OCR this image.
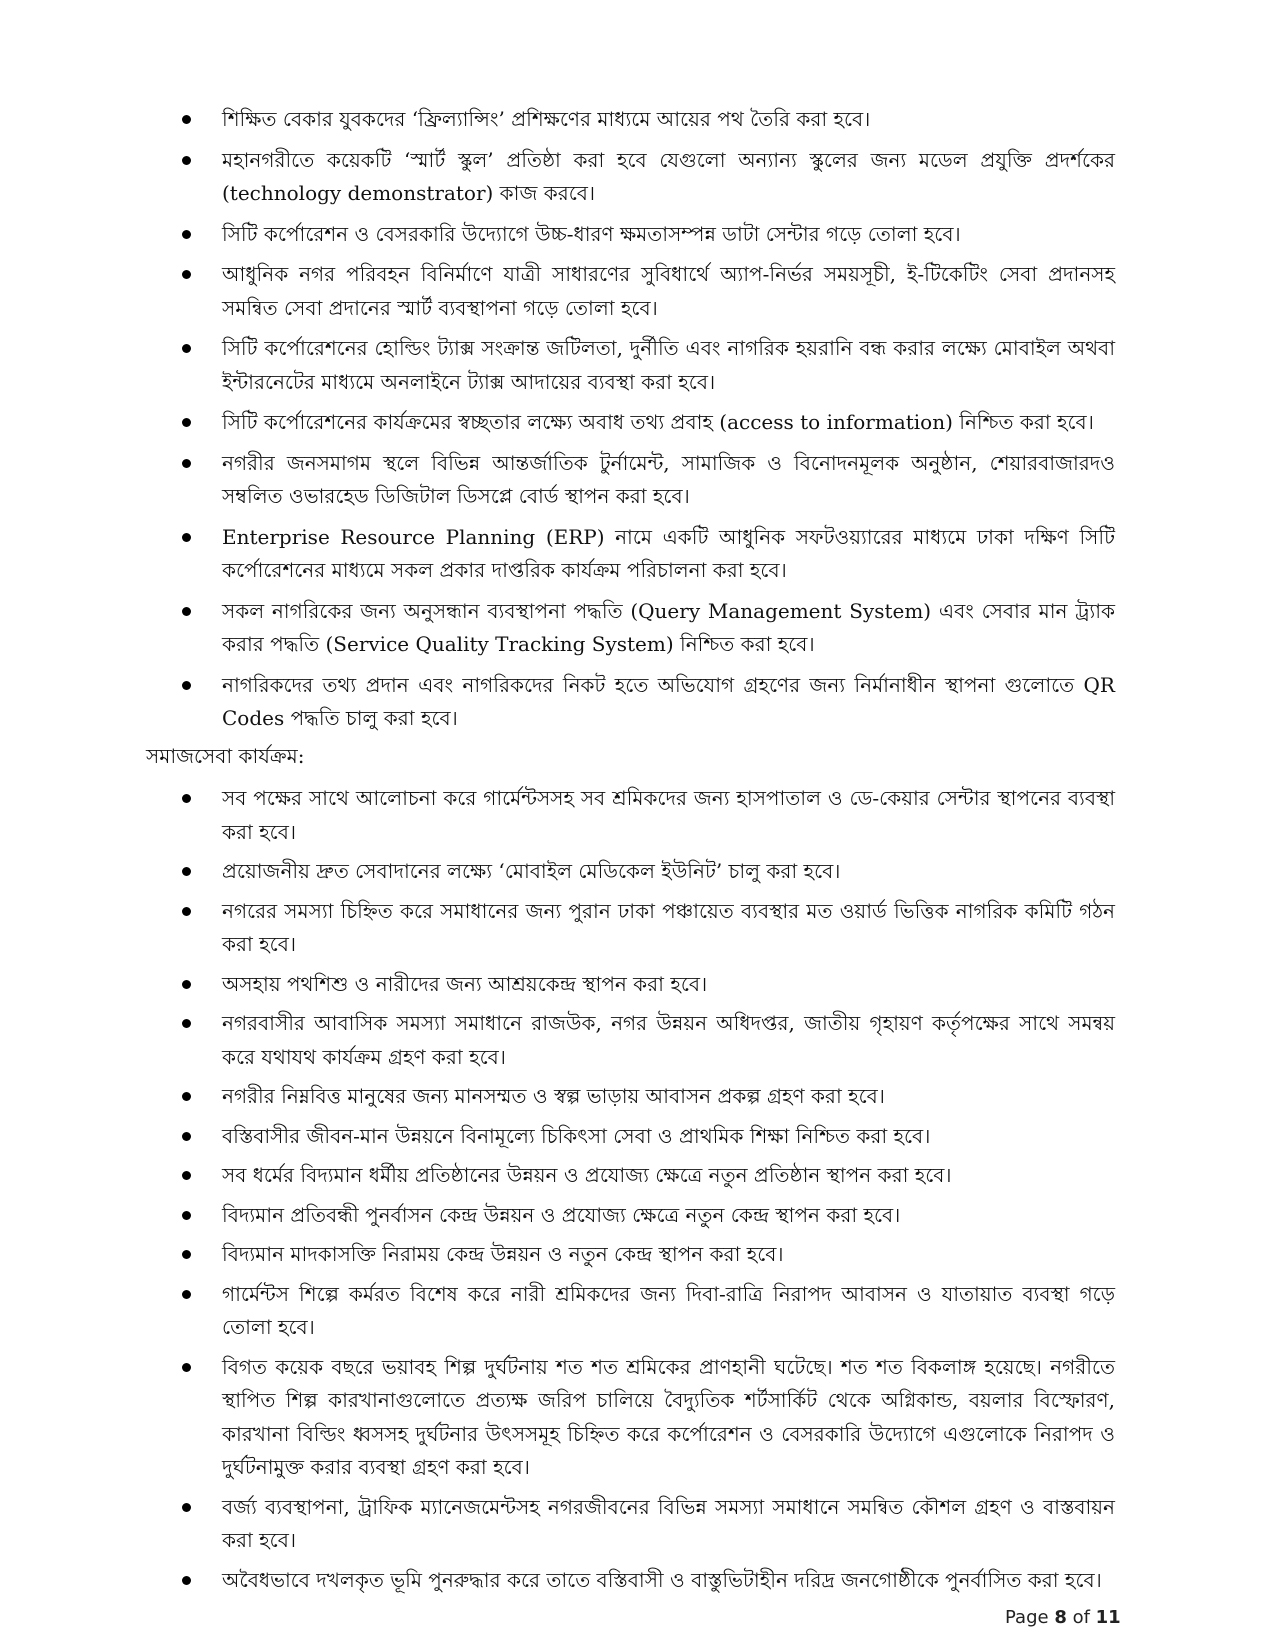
শিক্ষিত বেকার যুবকদের ‘ফ্রিল্যান্সিং’ প্রশিক্ষণের মাধ্যমে আয়ের পথ তৈরি করা হবে।
মহানগরীতে কয়েকটি ‘স্মার্ট স্কুল’ প্রতিষ্ঠা করা হবে যেগুলো অন্যান্য স্কুলের জন্য মডেল প্রযুক্তি প্রদর্শকের (technology demonstrator) কাজ করবে।
সিটি কর্পোরেশন ও বেসরকারি উদ্যোগে উচ্চ-ধারণ ক্ষমতাসম্পন্ন ডাটা সেন্টার গড়ে তোলা হবে।
আধুনিক নগর পরিবহন বিনির্মাণে যাত্রী সাধারণের সুবিধার্থে অ্যাপ-নির্ভর সময়সূচী, ই-টিকেটিং সেবা প্রদানসহ সমন্বিত সেবা প্রদানের স্মার্ট ব্যবস্থাপনা গড়ে তোলা হবে।
সিটি কর্পোরেশনের হোল্ডিং ট্যাক্স সংক্রান্ত জটিলতা, দুর্নীতি এবং নাগরিক হয়রানি বন্ধ করার লক্ষ্যে মোবাইল অথবা ইন্টারনেটের মাধ্যমে অনলাইনে ট্যাক্স আদায়ের ব্যবস্থা করা হবে।
সিটি কর্পোরেশনের কার্যক্রমের স্বচ্ছতার লক্ষ্যে অবাধ তথ্য প্রবাহ (access to information) নিশ্চিত করা হবে।
নগরীর জনসমাগম স্থলে বিভিন্ন আন্তর্জাতিক টুর্নামেন্ট, সামাজিক ও বিনোদনমূলক অনুষ্ঠান, শেয়ারবাজারদও সম্বলিত ওভারহেড ডিজিটাল ডিসপ্লে বোর্ড স্থাপন করা হবে।
Enterprise Resource Planning (ERP) নামে একটি আধুনিক সফটওয়্যারের মাধ্যমে ঢাকা দক্ষিণ সিটি কর্পোরেশনের মাধ্যমে সকল প্রকার দাপ্তরিক কার্যক্রম পরিচালনা করা হবে।
সকল নাগরিকের জন্য অনুসন্ধান ব্যবস্থাপনা পদ্ধতি (Query Management System) এবং সেবার মান ট্র্যাক করার পদ্ধতি (Service Quality Tracking System) নিশ্চিত করা হবে।
নাগরিকদের তথ্য প্রদান এবং নাগরিকদের নিকট হতে অভিযোগ গ্রহণের জন্য নির্মানাধীন স্থাপনা গুলোতে QR Codes পদ্ধতি চালু করা হবে।
সমাজসেবা কার্যক্রম:
সব পক্ষের সাথে আলোচনা করে গার্মেন্টসসহ সব শ্রমিকদের জন্য হাসপাতাল ও ডে-কেয়ার সেন্টার স্থাপনের ব্যবস্থা করা হবে।
প্রয়োজনীয় দ্রুত সেবাদানের লক্ষ্যে ‘মোবাইল মেডিকেল ইউনিট’ চালু করা হবে।
নগরের সমস্যা চিহ্নিত করে সমাধানের জন্য পুরান ঢাকা পঞ্চায়েত ব্যবস্থার মত ওয়ার্ড ভিত্তিক নাগরিক কমিটি গঠন করা হবে।
অসহায় পথশিশু ও নারীদের জন্য আশ্রয়কেন্দ্র স্থাপন করা হবে।
নগরবাসীর আবাসিক সমস্যা সমাধানে রাজউক, নগর উন্নয়ন অধিদপ্তর, জাতীয় গৃহায়ণ কর্তৃপক্ষের সাথে সমন্বয় করে যথাযথ কার্যক্রম গ্রহণ করা হবে।
নগরীর নিম্নবিত্ত মানুষের জন্য মানসম্মত ও স্বল্প ভাড়ায় আবাসন প্রকল্প গ্রহণ করা হবে।
বস্তিবাসীর জীবন-মান উন্নয়নে বিনামূল্যে চিকিৎসা সেবা ও প্রাথমিক শিক্ষা নিশ্চিত করা হবে।
সব ধর্মের বিদ্যমান ধর্মীয় প্রতিষ্ঠানের উন্নয়ন ও প্রযোজ্য ক্ষেত্রে নতুন প্রতিষ্ঠান স্থাপন করা হবে।
বিদ্যমান প্রতিবন্ধী পুনর্বাসন কেন্দ্র উন্নয়ন ও প্রযোজ্য ক্ষেত্রে নতুন কেন্দ্র স্থাপন করা হবে।
বিদ্যমান মাদকাসক্তি নিরাময় কেন্দ্র উন্নয়ন ও নতুন কেন্দ্র স্থাপন করা হবে।
গার্মেন্টস শিল্পে কর্মরত বিশেষ করে নারী শ্রমিকদের জন্য দিবা-রাত্রি নিরাপদ আবাসন ও যাতায়াত ব্যবস্থা গড়ে তোলা হবে।
বিগত কয়েক বছরে ভয়াবহ শিল্প দুর্ঘটনায় শত শত শ্রমিকের প্রাণহানী ঘটেছে। শত শত বিকলাঙ্গ হয়েছে। নগরীতে স্থাপিত শিল্প কারখানাগুলোতে প্রত্যক্ষ জরিপ চালিয়ে বৈদ্যুতিক শর্টসার্কিট থেকে অগ্নিকান্ড, বয়লার বিস্ফোরণ, কারখানা বিল্ডিং ধ্বসসহ দুর্ঘটনার উৎসসমূহ চিহ্নিত করে কর্পোরেশন ও বেসরকারি উদ্যোগে এগুলোকে নিরাপদ ও দুর্ঘটনামুক্ত করার ব্যবস্থা গ্রহণ করা হবে।
বর্জ্য ব্যবস্থাপনা, ট্রাফিক ম্যানেজমেন্টসহ নগরজীবনের বিভিন্ন সমস্যা সমাধানে সমন্বিত কৌশল গ্রহণ ও বাস্তবায়ন করা হবে।
অবৈধভাবে দখলকৃত ভূমি পুনরুদ্ধার করে তাতে বস্তিবাসী ও বাস্তুভিটাহীন দরিদ্র জনগোষ্ঠীকে পুনর্বাসিত করা হবে।
Page 8 of 11
